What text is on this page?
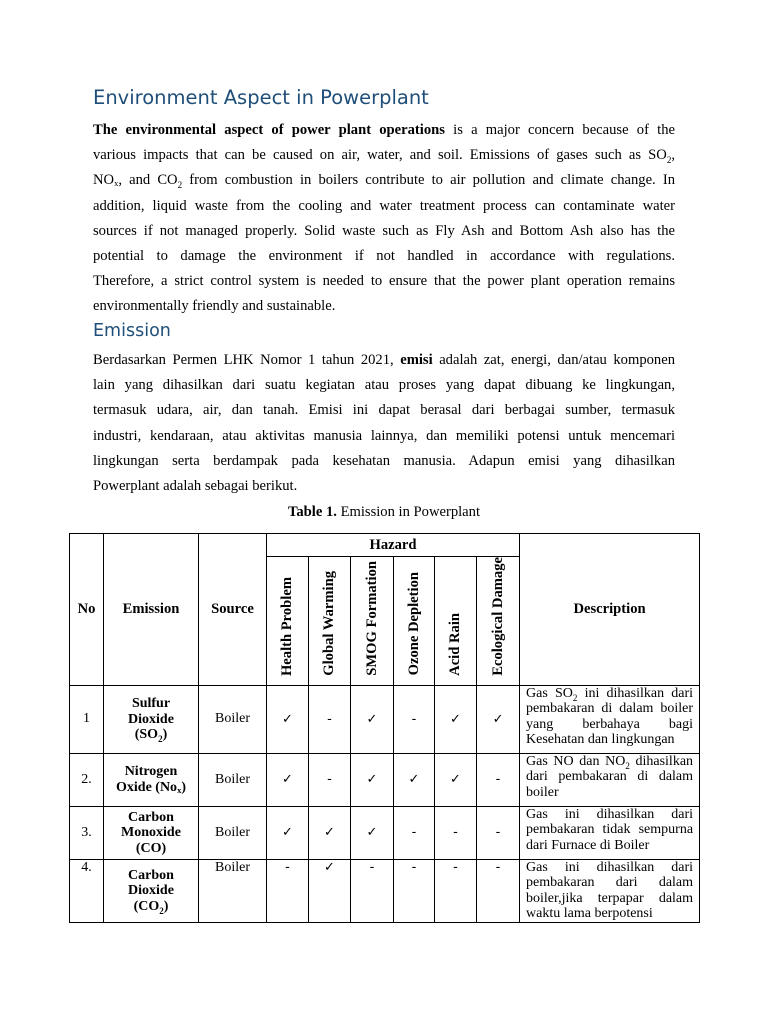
Environment Aspect in Powerplant
The environmental aspect of power plant operations is a major concern because of the
various impacts that can be caused on air, water, and soil. Emissions of gases such as $SO_2$,
$NO_x$, and $CO_2$ from combustion in boilers contribute to air pollution and climate change. In
addition, liquid waste from the cooling and water treatment process can contaminate water
sources if not managed properly. Solid waste such as Fly Ash and Bottom Ash also has the
potential to damage the environment if not handled in accordance with regulations.
Therefore, a strict control system is needed to ensure that the power plant operation remains
environmentally friendly and sustainable.
Emission
Berdasarkan Permen LHK Nomor 1 tahun 2021, emisi adalah zat, energi, dan/atau komponen
lain yang dihasilkan dari suatu kegiatan atau proses yang dapat dibuang ke lingkungan,
termasuk udara, air, dan tanah. Emisi ini dapat berasal dari berbagai sumber, termasuk
industri, kendaraan, atau aktivitas manusia lainnya, dan memiliki potensi untuk mencemari
lingkungan serta berdampak pada kesehatan manusia. Adapun emisi yang dihasilkan
Powerplant adalah sebagai berikut.
Table 1. Emission in Powerplant
No	Emission	Source	Hazard						Description
			Health Problem	Global Warming	SMOG Formation	Ozone Depletion	Acid Rain	Ecological Damage	
1	Sulfur
Dioxide
$(SO_2)$	Boiler	✓	-	✓	-	✓	✓	Gas $SO_2$ ini dihasilkan dari pembakaran di dalam boiler yang berbahaya bagi Kesehatan dan lingkungan
2.	Nitrogen
Oxide $(No_x)$	Boiler	✓	-	✓	✓	✓	-	Gas NO dan $NO_2$ dihasilkan dari pembakaran di dalam boiler
3.	Carbon
Monoxide
(CO)	Boiler	✓	✓	✓	-	-	-	Gas ini dihasilkan dari pembakaran tidak sempurna dari Furnace di Boiler
4.	Carbon
Dioxide
$(CO_2)$	Boiler	-	✓	-	-	-	-	Gas ini dihasilkan dari pembakaran dari dalam boiler,jika terpapar dalam waktu lama berpotensi
